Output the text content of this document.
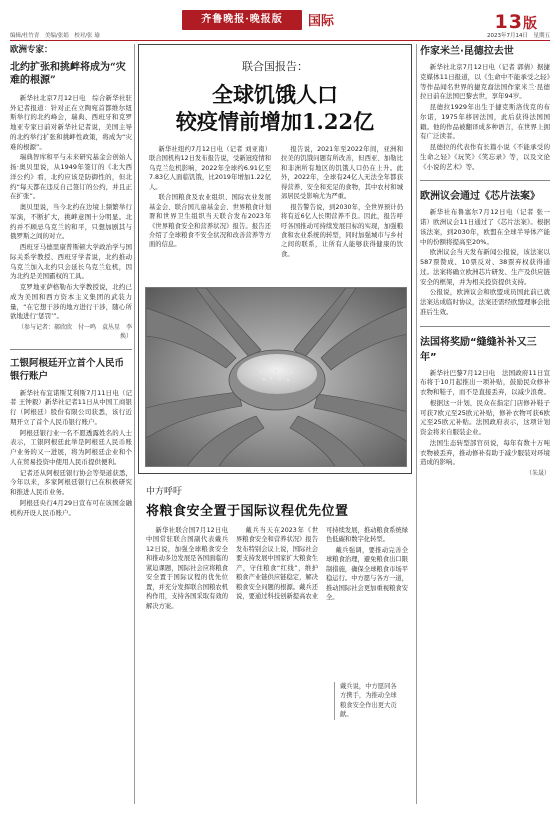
编辑/杜竹青　美编/张娟　校对/张 瑜
齐鲁晚报·晚报版	国际	13版
2023年7月14日　星期五
欧洲专家：
北约扩张和挑衅将成为“灾难的根源”

新华社北京7月12日电　综合新华社驻外记者报道：针对正在立陶宛首都维尔纽斯举行的北约峰会，瑞典、西班牙和克罗地亚专家日前对新华社记者说，美国主导的北约举行扩张和挑衅性政策，将成为“灾难的根源”。

瑞典智库和平与未来研究基金会创始人扬·奥贝里说，从1949年签订的《北大西洋公约》看，北约应该是防御性的，但北约“每天都在违反自己签订的公约，并且正在扩张”。

奥贝里说，当今北约在边境上频繁举行军演，不断扩大，挑衅意图十分明显。北约并不顾忌乌克兰的和平，只想加剧其与俄罗斯之间的对立。

西班牙马德里康普斯顿大学政治学与国际关系学教授、西班牙学者说，北约推动乌克兰加入北约只会延长乌克兰危机，因为北约是美国霸权的工具。

克罗地亚萨格勒布大学教授说，北约已成为美国和西方资本主义集团的武装力量，“在它想干涉的地方进行干涉，随心所欲地进行‘惩罚’”。

（参与记者：郝欣欣　付一鸣　袁丛星　李焕）

工银阿根廷开立首个人民币银行账户

新华社布宜诺斯艾利斯7月11日电（记者 王钟毅）新华社记者11日从中国工商银行（阿根廷）股份有限公司获悉，该行近期开立了首个人民币银行账户。

阿根廷银行业一名不愿透露姓名的人士表示，工银阿根廷此举是阿根廷人民币账户业务的又一进展，将为阿根廷企业和个人在贸易投资中使用人民币提供便利。

记者还从阿根廷银行协会等渠道获悉，今年以来，多家阿根廷银行已在积极研究和推进人民币业务。

阿根廷央行4月29日宣布可在该国金融机构开设人民币账户。

联合国报告：
全球饥饿人口
较疫情前增加1.22亿

新华社纽约7月12日电（记者 刘亚南）联合国机构12日发布报告说，受新冠疫情和乌克兰危机影响，2022年全球约6.91亿至7.83亿人面临饥饿，比2019年增加1.22亿人。

联合国粮食及农业组织、国际农业发展基金会、联合国儿童基金会、世界粮食计划署和世界卫生组织当天联合发布2023年《世界粮食安全和营养状况》报告。报告还介绍了全球粮食不安全状况和改善营养等方面的信息。

报告说，2021年至2022年间，亚洲和拉美的饥饿问题有所改善，但西亚、加勒比和非洲所有地区的饥饿人口仍在上升。此外，2022年，全球有24亿人无法全年都获得营养、安全和充足的食物，其中农村和城郊居民受影响尤为严重。

报告警告说，到2030年，全世界预计仍将有近6亿人长期营养不良。因此，报告呼吁各国推动可持续发展目标的实现，加强粮食和农业系统的转型，同时加强城市与乡村之间的联系，让所有人能够获得健康的饮食。

中方呼吁
将粮食安全置于国际议程优先位置

新华社联合国7月12日电　中国常驻联合国副代表戴兵12日说，加强全球粮食安全和推动多边发展是各国面临的紧迫课题，国际社会应将粮食安全置于国际议程的优先位置，并充分发挥联合国粮农机构作用，支持各国采取有效的解决方案。

戴兵当天在2023年《世界粮食安全和营养状况》报告发布特别会议上说，国际社会要支持发展中国家扩大粮食生产，守住粮食“红线”，维护粮食产业链供应链稳定，解决粮食安全问题的根源。戴兵还说，要通过科技创新提高农业可持续发展，推动粮食系统绿色低碳和数字化转型。

戴兵强调，要推动完善全球粮食治理，避免粮食出口限制措施，确保全球粮食市场平稳运行。中方愿与各方一道，推动国际社会更加重视粮食安全。

戴兵说，中方愿同各方携手，为推动全球粮食安全作出更大贡献。
作家米兰·昆德拉去世

新华社北京7月12日电（记者 郭倩）据捷克媒体11日报道，以《生命中不能承受之轻》等作品闻名世界的捷克裔法国作家米兰·昆德拉日前在法国巴黎去世，享年94岁。

昆德拉1929年出生于捷克斯洛伐克的布尔诺，1975年移居法国，此后获得法国国籍。他的作品被翻译成多种语言，在世界上拥有广泛读者。

昆德拉的代表作有长篇小说《不能承受的生命之轻》《玩笑》《笑忘录》等，以及文论《小说的艺术》等。

欧洲议会通过《芯片法案》

新华社布鲁塞尔7月12日电（记者 张一诺）欧洲议会11日通过了《芯片法案》。根据该法案，到2030年，欧盟在全球半导体产能中的份额将提高至20%。

欧洲议会当天发布新闻公报说，该法案以587票赞成、10票反对、38票弃权获得通过。法案将确立欧洲芯片研发、生产及供应链安全的框架，并为相关投资提供支持。

公报说，欧洲议会和欧盟成员国此前已就法案达成临时协议，法案还需经欧盟理事会批准后生效。

法国将奖励“缝缝补补又三年”

新华社巴黎7月12日电　法国政府11日宣布将于10月起推出一项补贴，鼓励民众修补衣物和鞋子，而不是直接丢弃，以减少浪费。

根据这一计划，民众在指定门店修补鞋子可获7欧元至25欧元补贴，修补衣物可获6欧元至25欧元补贴。法国政府表示，这项计划资金将来自服装企业。

法国生态转型部官员说，每年有数十万吨衣物被丢弃，推动修补有助于减少服装对环境造成的影响。

（朱晟）
